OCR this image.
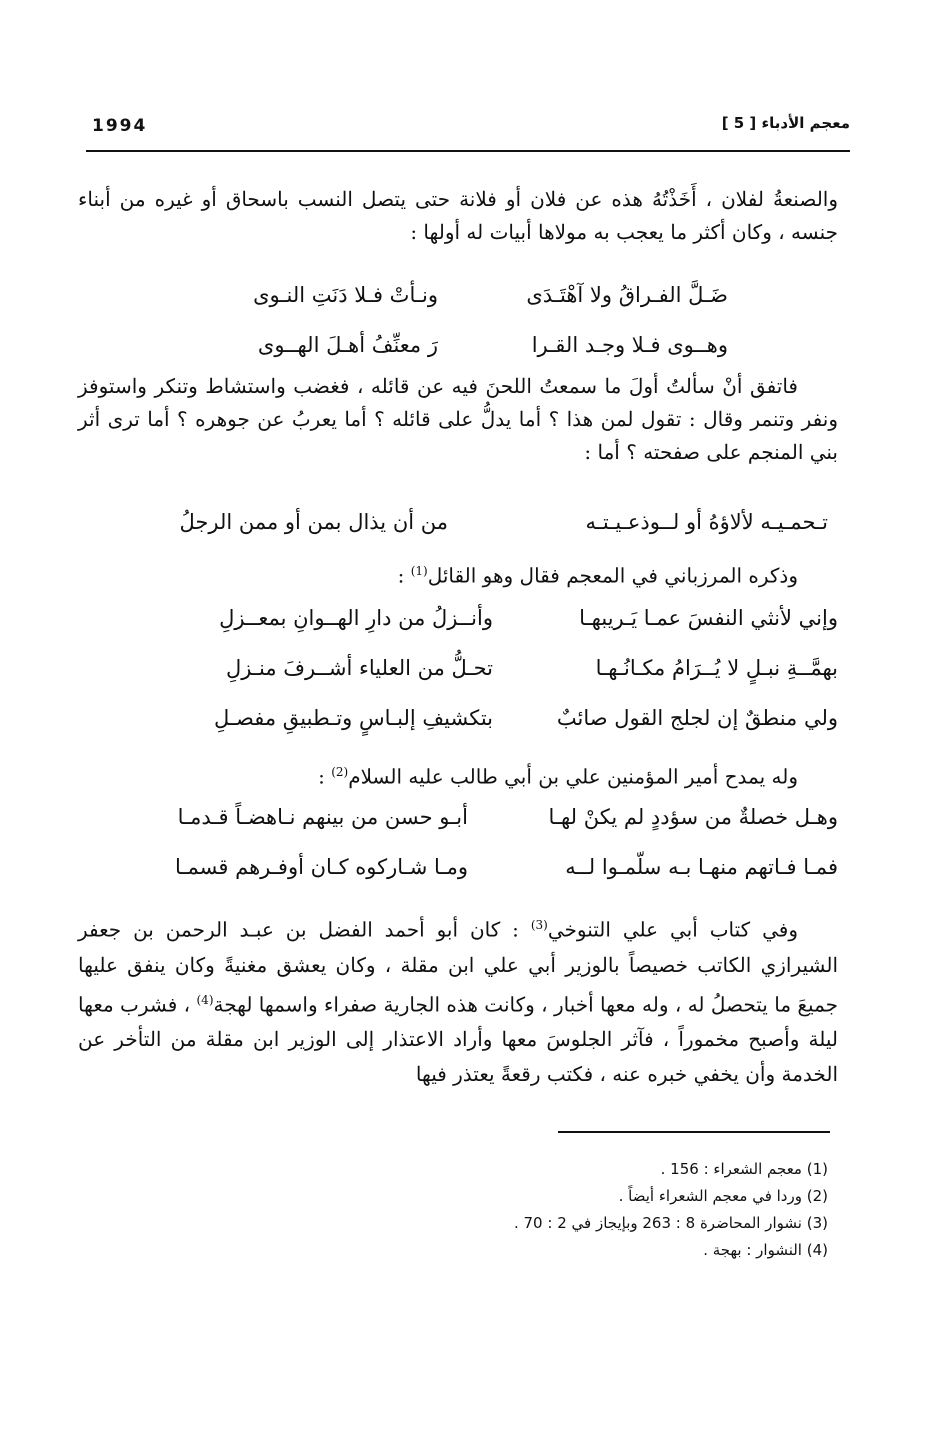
1994	معجم الأدباء [ 5 ]

والصنعةُ لفلان ، أَخَذْتُهُ هذه عن فلان أو فلانة حتى يتصل النسب باسحاق أو غيره من أبناء جنسه ، وكان أكثر ما يعجب به مولاها أبيات له أولها :

ضَـلَّ الفـراقُ ولا آهْتَـدَى
ونـأتْ فـلا دَنَتِ النـوى
وهــوى فـلا وجـد القـرا
رَ معنِّفُ أهـلَ الهــوى

فاتفق أنْ سألتُ أولَ ما سمعتُ اللحنَ فيه عن قائله ، فغضب واستشاط وتنكر واستوفز ونفر وتنمر وقال : تقول لمن هذا ؟ أما يدلُّ على قائله ؟ أما يعربُ عن جوهره ؟ أما ترى أثر بني المنجم على صفحته ؟ أما :

تـحمـيـه لألاؤهُ أو لــوذعـيـتـه
من أن يذال بمن أو ممن الرجلُ

وذكره المرزباني في المعجم فقال وهو القائل$^{(1)}$ :

وإني لأنثي النفسَ عمـا يَـريبهـا
وأنــزلُ من دارِ الهــوانِ بمعــزلِ
بهمَّــةِ نبـلٍ لا يُــرَامُ مكـانُـهـا
تحـلُّ من العلياء أشــرفَ منـزلِ
ولي منطقٌ إن لجلج القول صائبٌ
بتكشيفِ إلبـاسٍ وتـطبيقِ مفصـلِ

وله يمدح أمير المؤمنين علي بن أبي طالب عليه السلام$^{(2)}$ :

وهـل خصلةٌ من سؤددٍ لم يكنْ لهـا
أبـو حسن من بينهم نـاهضـاً قـدمـا
فمـا فـاتهم منهـا بـه سلّمـوا لــه
ومـا شـاركوه كـان أوفـرهم قسمـا

وفي كتاب أبي علي التنوخي$^{(3)}$ : كان أبو أحمد الفضل بن عبـد الرحمن بن جعفر الشيرازي الكاتب خصيصاً بالوزير أبي علي ابن مقلة ، وكان يعشق مغنيةً وكان ينفق عليها جميعَ ما يتحصلُ له ، وله معها أخبار ، وكانت هذه الجارية صفراء واسمها لهجة$^{(4)}$ ، فشرب معها ليلة وأصبح مخموراً ، فآثر الجلوسَ معها وأراد الاعتذار إلى الوزير ابن مقلة من التأخر عن الخدمة وأن يخفي خبره عنه ، فكتب رقعةً يعتذر فيها

(1) معجم الشعراء : 156 .
(2) وردا في معجم الشعراء أيضاً .
(3) نشوار المحاضرة 8 : 263 وبإيجاز في 2 : 70 .
(4) النشوار : بهجة .
